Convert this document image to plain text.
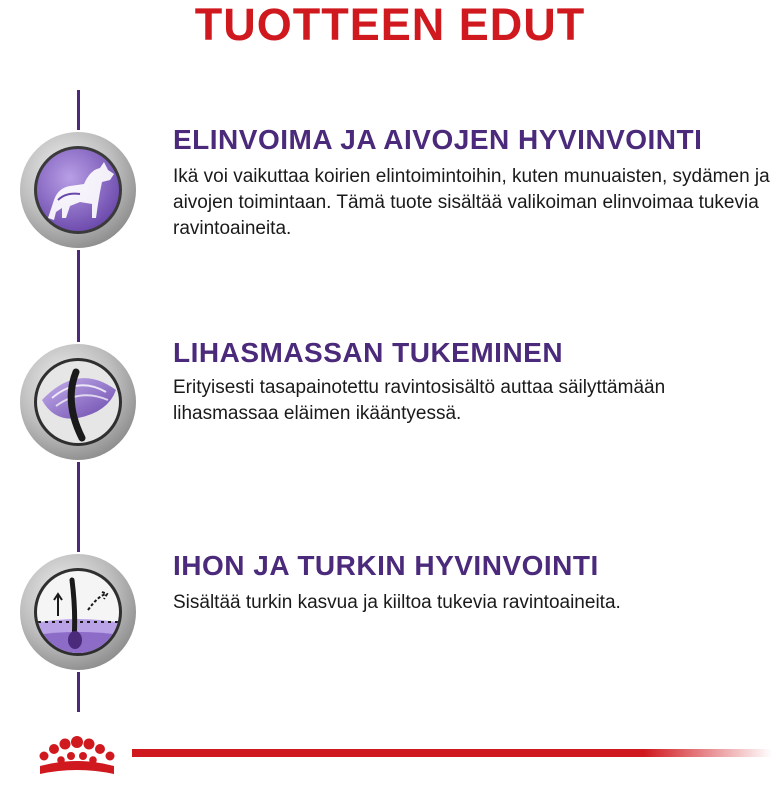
TUOTTEEN EDUT
ELINVOIMA JA AIVOJEN HYVINVOINTI

Ikä voi vaikuttaa koirien elintoimintoihin, kuten munuaisten, sydämen ja aivojen toimintaan. Tämä tuote sisältää valikoiman elinvoimaa tukevia ravintoaineita.

LIHASMASSAN TUKEMINEN

Erityisesti tasapainotettu ravintosisältö auttaa säilyttämään lihasmassaa eläimen ikääntyessä.

IHON JA TURKIN HYVINVOINTI

Sisältää turkin kasvua ja kiiltoa tukevia ravintoaineita.
